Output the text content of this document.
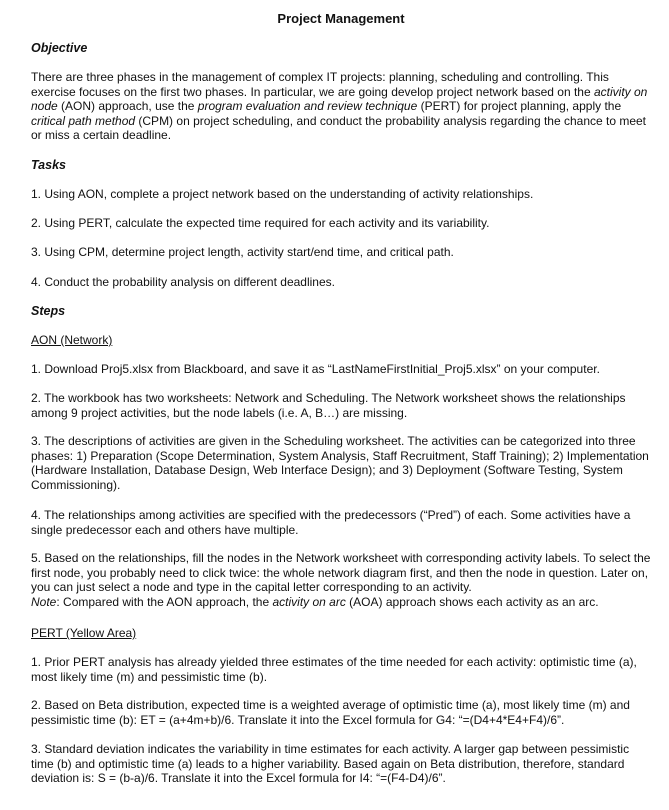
Project Management
Objective
There are three phases in the management of complex IT projects: planning, scheduling and controlling. This exercise focuses on the first two phases. In particular, we are going develop project network based on the activity on node (AON) approach, use the program evaluation and review technique (PERT) for project planning, apply the critical path method (CPM) on project scheduling, and conduct the probability analysis regarding the chance to meet or miss a certain deadline.
Tasks
1. Using AON, complete a project network based on the understanding of activity relationships.
2. Using PERT, calculate the expected time required for each activity and its variability.
3. Using CPM, determine project length, activity start/end time, and critical path.
4. Conduct the probability analysis on different deadlines.
Steps
AON (Network)
1. Download Proj5.xlsx from Blackboard, and save it as “LastNameFirstInitial_Proj5.xlsx” on your computer.
2. The workbook has two worksheets: Network and Scheduling. The Network worksheet shows the relationships among 9 project activities, but the node labels (i.e. A, B…) are missing.
3. The descriptions of activities are given in the Scheduling worksheet. The activities can be categorized into three phases: 1) Preparation (Scope Determination, System Analysis, Staff Recruitment, Staff Training); 2) Implementation (Hardware Installation, Database Design, Web Interface Design); and 3) Deployment (Software Testing, System Commissioning).
4. The relationships among activities are specified with the predecessors (“Pred”) of each. Some activities have a single predecessor each and others have multiple.
5. Based on the relationships, fill the nodes in the Network worksheet with corresponding activity labels. To select the first node, you probably need to click twice: the whole network diagram first, and then the node in question. Later on, you can just select a node and type in the capital letter corresponding to an activity.
Note: Compared with the AON approach, the activity on arc (AOA) approach shows each activity as an arc.
PERT (Yellow Area)
1. Prior PERT analysis has already yielded three estimates of the time needed for each activity: optimistic time (a), most likely time (m) and pessimistic time (b).
2. Based on Beta distribution, expected time is a weighted average of optimistic time (a), most likely time (m) and pessimistic time (b): ET = (a+4m+b)/6. Translate it into the Excel formula for G4: “=(D4+4*E4+F4)/6”.
3. Standard deviation indicates the variability in time estimates for each activity. A larger gap between pessimistic time (b) and optimistic time (a) leads to a higher variability. Based again on Beta distribution, therefore, standard deviation is: S = (b-a)/6. Translate it into the Excel formula for I4: “=(F4-D4)/6”.
